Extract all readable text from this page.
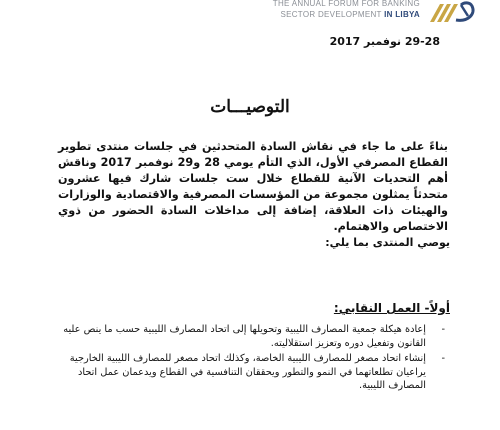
THE ANNUAL FORUM FOR BANKING
SECTOR DEVELOPMENT IN LIBYA
29-28 نوفمبر 2017
التوصيـــات

بناءً على ما جاء في نقاش السادة المتحدثين في جلسات منتدى تطوير القطاع المصرفي الأول، الذي التأم يومي 28 و29 نوفمبر 2017 وناقش أهم التحديات الآنية للقطاع خلال ست جلسات شارك فيها عشرون متحدثاً يمثلون مجموعة من المؤسسات المصرفية والاقتصادية والوزارات والهيئات ذات العلاقة، إضافة إلى مداخلات السادة الحضور من ذوي الاختصاص والاهتمام.

يوصي المنتدى بما يلي:
أولاً- العمل النقابي:
-
إعادة هيكلة جمعية المصارف الليبية وتحويلها إلى اتحاد المصارف الليبية حسب ما ينص عليه القانون وتفعيل دوره وتعزيز استقلاليته.
-
إنشاء اتحاد مصغر للمصارف الليبية الخاصة، وكذلك اتحاد مصغر للمصارف الليبية الخارجية يراعيان تطلعاتهما في النمو والتطور ويحققان التنافسية في القطاع ويدعمان عمل اتحاد المصارف الليبية.
